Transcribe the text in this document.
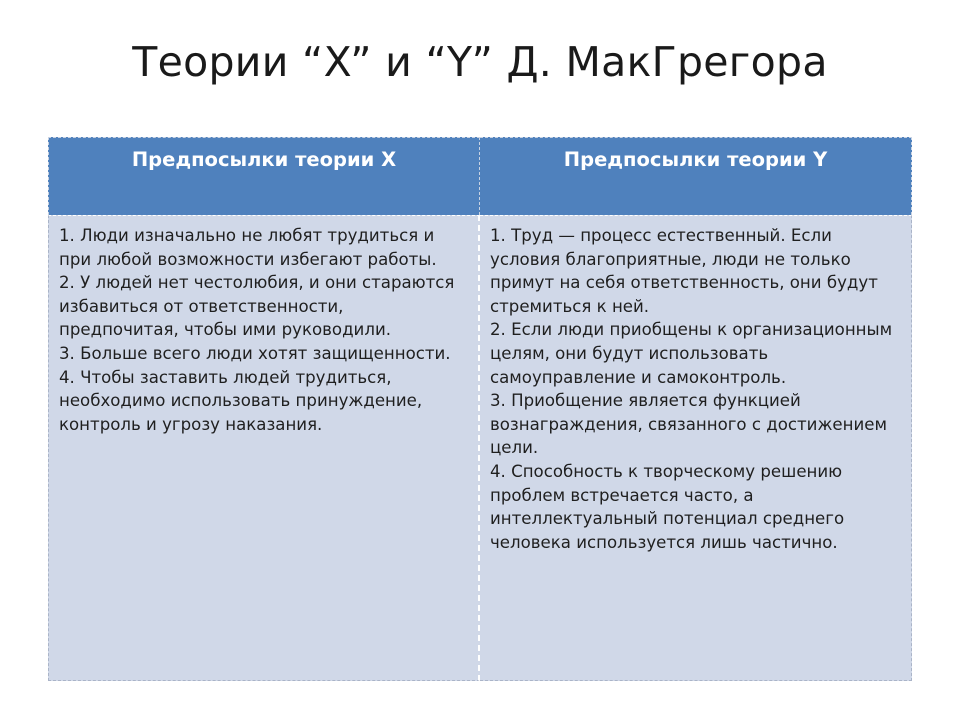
Теории “X” и “Y” Д. МакГрегора
Предпосылки теории X	Предпосылки теории Y

1. Люди изначально не любят трудиться и при любой возможности избегают работы.

2. У людей нет честолюбия, и они стараются избавиться от ответственности, предпочитая, чтобы ими руководили.

3. Больше всего люди хотят защищенности.

4. Чтобы заставить людей трудиться, необходимо использовать принуждение, контроль и угрозу наказания.

1. Труд — процесс естественный. Если условия благоприятные, люди не только примут на себя ответственность, они будут стремиться к ней.

2. Если люди приобщены к организационным целям, они будут использовать самоуправление и самоконтроль.

3. Приобщение является функцией вознаграждения, связанного с достижением цели.

4. Способность к творческому решению проблем встречается часто, а интеллектуальный потенциал среднего человека используется лишь частично.
